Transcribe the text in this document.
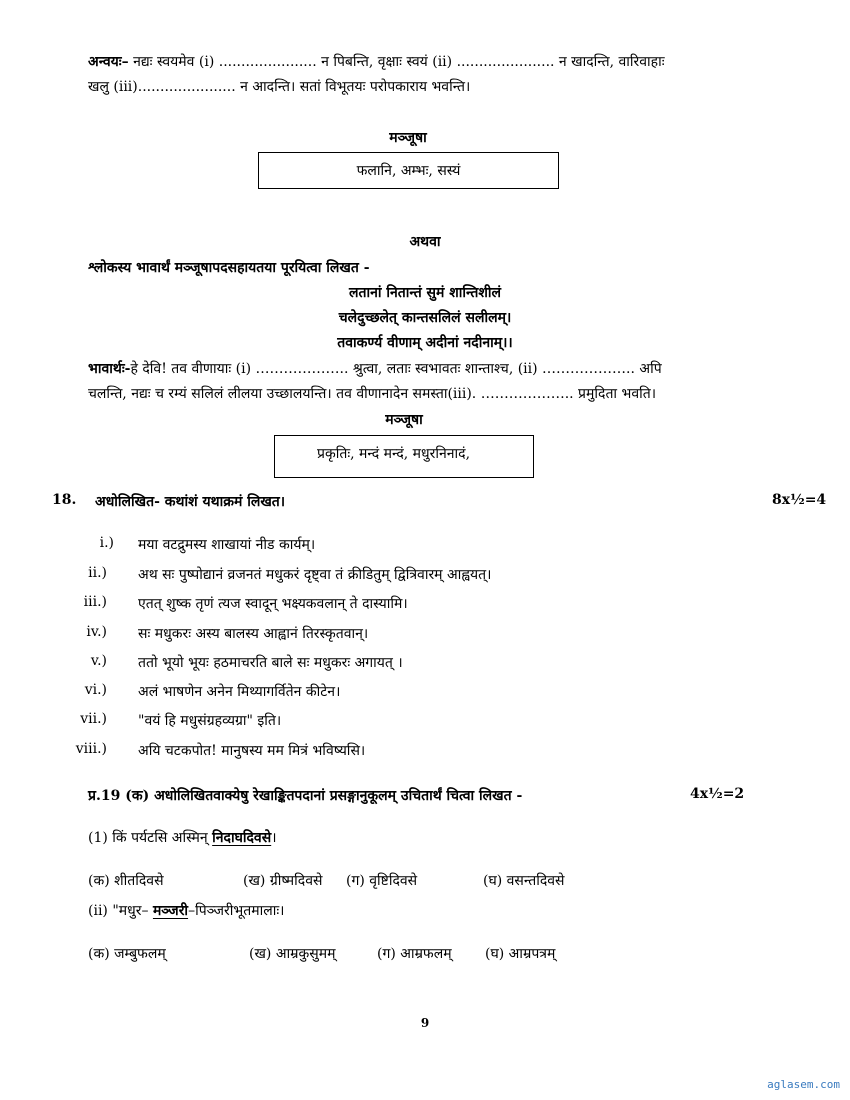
अन्वयः– नद्यः स्वयमेव (i) ...................... न पिबन्ति, वृक्षाः स्वयं (ii) ...................... न खादन्ति, वारिवाहाः
खलु (iii)...................... न आदन्ति। सतां विभूतयः परोपकाराय भवन्ति।
मञ्जूषा
फलानि, अम्भः, सस्यं
अथवा
श्लोकस्य भावार्थं मञ्जूषापदसहायतया पूरयित्वा लिखत -
लतानां नितान्तं सुमं शान्तिशीलं
चलेदुच्छलेत् कान्तसलिलं सलीलम्।
तवाकर्ण्य वीणाम् अदीनां नदीनाम्।।
भावार्थः-हे देवि! तव वीणायाः (i) ……………….. श्रुत्वा, लताः स्वभावतः शान्ताश्च, (ii) ……………….. अपि
चलन्ति, नद्यः च रम्यं सलिलं लीलया उच्छालयन्ति। तव वीणानादेन समस्ता(iii). ……………….. प्रमुदिता भवति।
मञ्जूषा
प्रकृतिः, मन्दं मन्दं, मधुरनिनादं,
18. अधोलिखित- कथांशं यथाक्रमं लिखत।	8x½=4
i.) मया वटद्रुमस्य शाखायां नीड कार्यम्।
ii.) अथ सः पुष्पोद्यानं व्रजनतं मधुकरं दृष्ट्वा तं क्रीडितुम् द्वित्रिवारम् आह्वयत्।
iii.) एतत् शुष्क तृणं त्यज स्वादून् भक्ष्यकवलान् ते दास्यामि।
iv.) सः मधुकरः अस्य बालस्य आह्वानं तिरस्कृतवान्।
v.) ततो भूयो भूयः हठमाचरति बाले सः मधुकरः अगायत् ।
vi.) अलं भाषणेन अनेन मिथ्यागर्वितेन कीटेन।
vii.) "वयं हि मधुसंग्रहव्यग्रा" इति।
viii.) अयि चटकपोत! मानुषस्य मम मित्रं भविष्यसि।
प्र.19 (क) अधोलिखितवाक्येषु रेखाङ्कितपदानां प्रसङ्गानुकूलम् उचितार्थं चित्वा लिखत -	4x½=2
(1) किं पर्यटसि अस्मिन् निदाघदिवसे।
(क) शीतदिवसे	(ख) ग्रीष्मदिवसे (ग) वृष्टिदिवसे	(घ) वसन्तदिवसे
(ii) "मधुर– मञ्जरी–पिञ्जरीभूतमालाः।
(क) जम्बुफलम्	(ख) आम्रकुसुमम्	(ग) आम्रफलम् (घ) आम्रपत्रम्
9
aglasem.com
